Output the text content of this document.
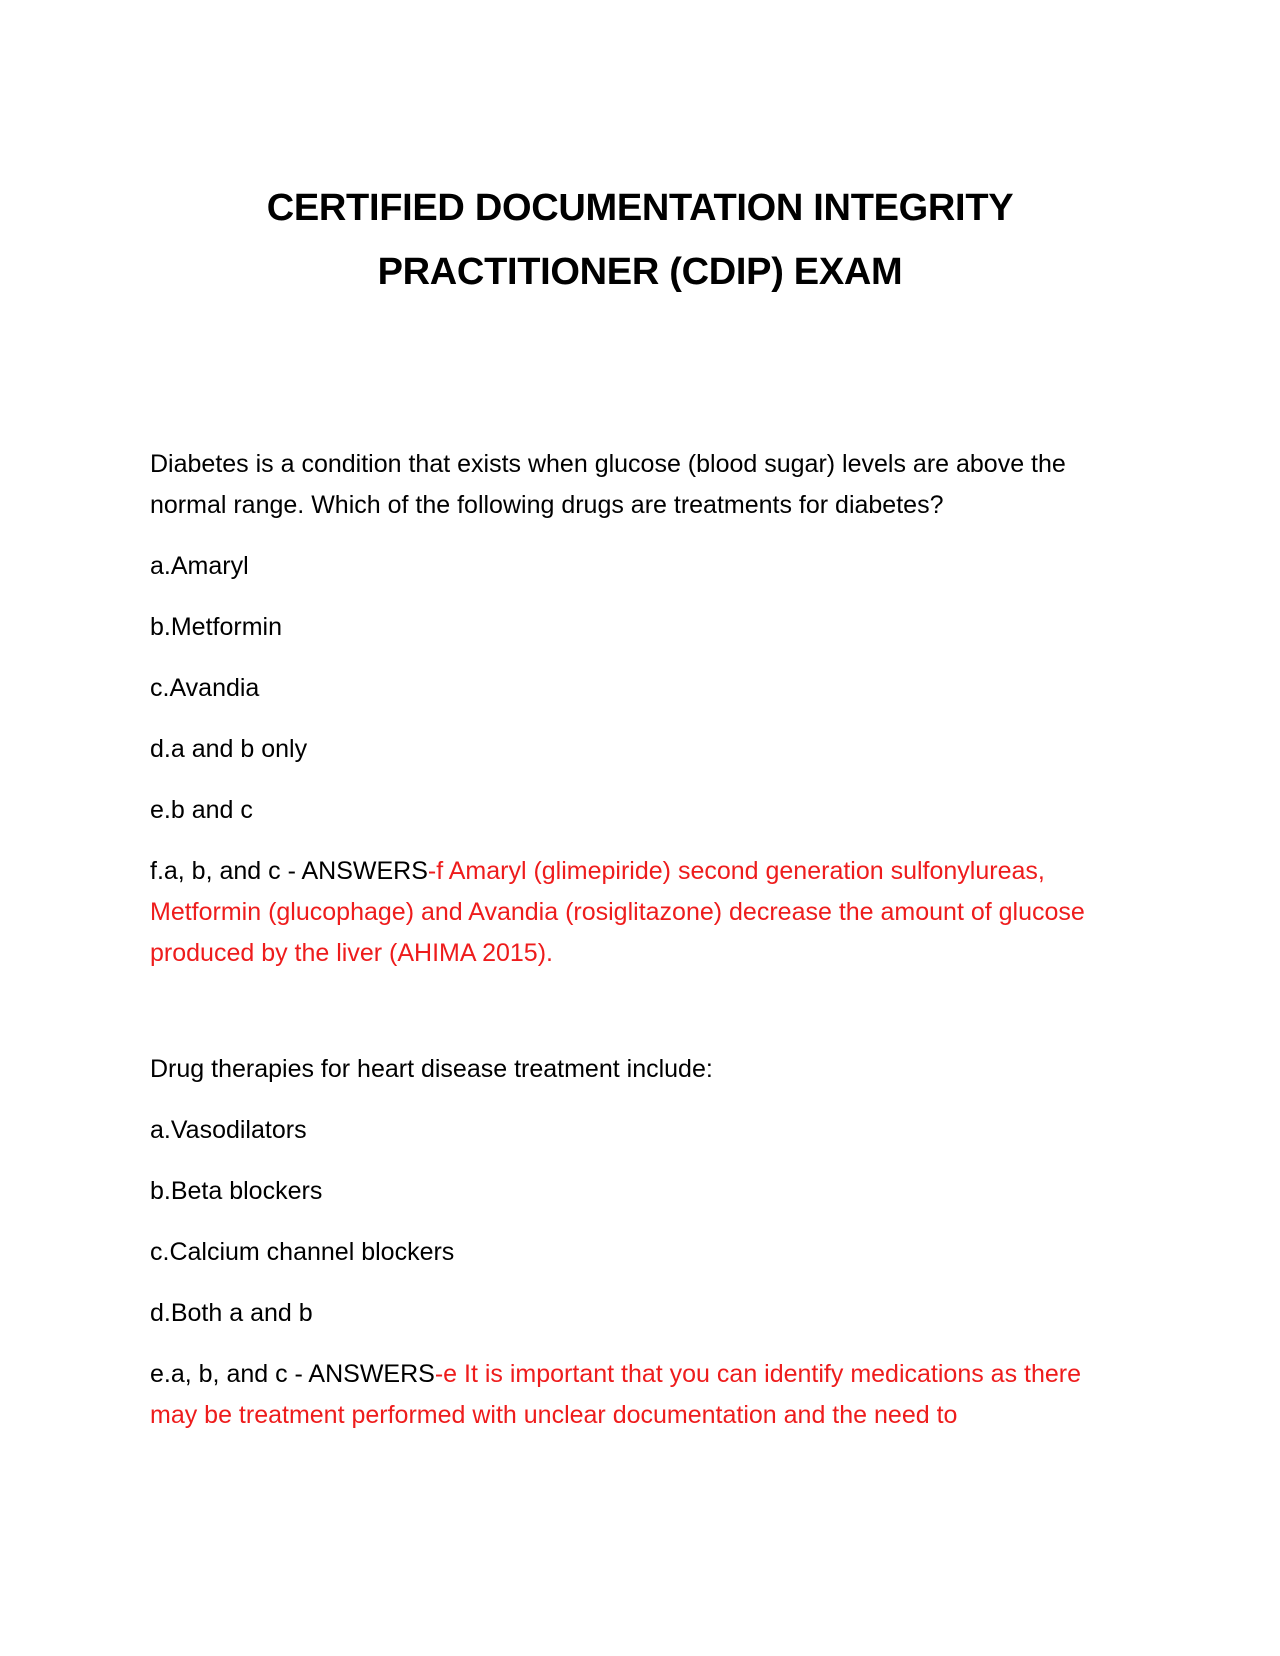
CERTIFIED DOCUMENTATION INTEGRITY
PRACTITIONER (CDIP) EXAM

Diabetes is a condition that exists when glucose (blood sugar) levels are above the normal range. Which of the following drugs are treatments for diabetes?

a.Amaryl

b.Metformin

c.Avandia

d.a and b only

e.b and c

f.a, b, and c - ANSWERS-f Amaryl (glimepiride) second generation sulfonylureas, Metformin (glucophage) and Avandia (rosiglitazone) decrease the amount of glucose produced by the liver (AHIMA 2015).

Drug therapies for heart disease treatment include:

a.Vasodilators

b.Beta blockers

c.Calcium channel blockers

d.Both a and b

e.a, b, and c - ANSWERS-e It is important that you can identify medications as there may be treatment performed with unclear documentation and the need to
